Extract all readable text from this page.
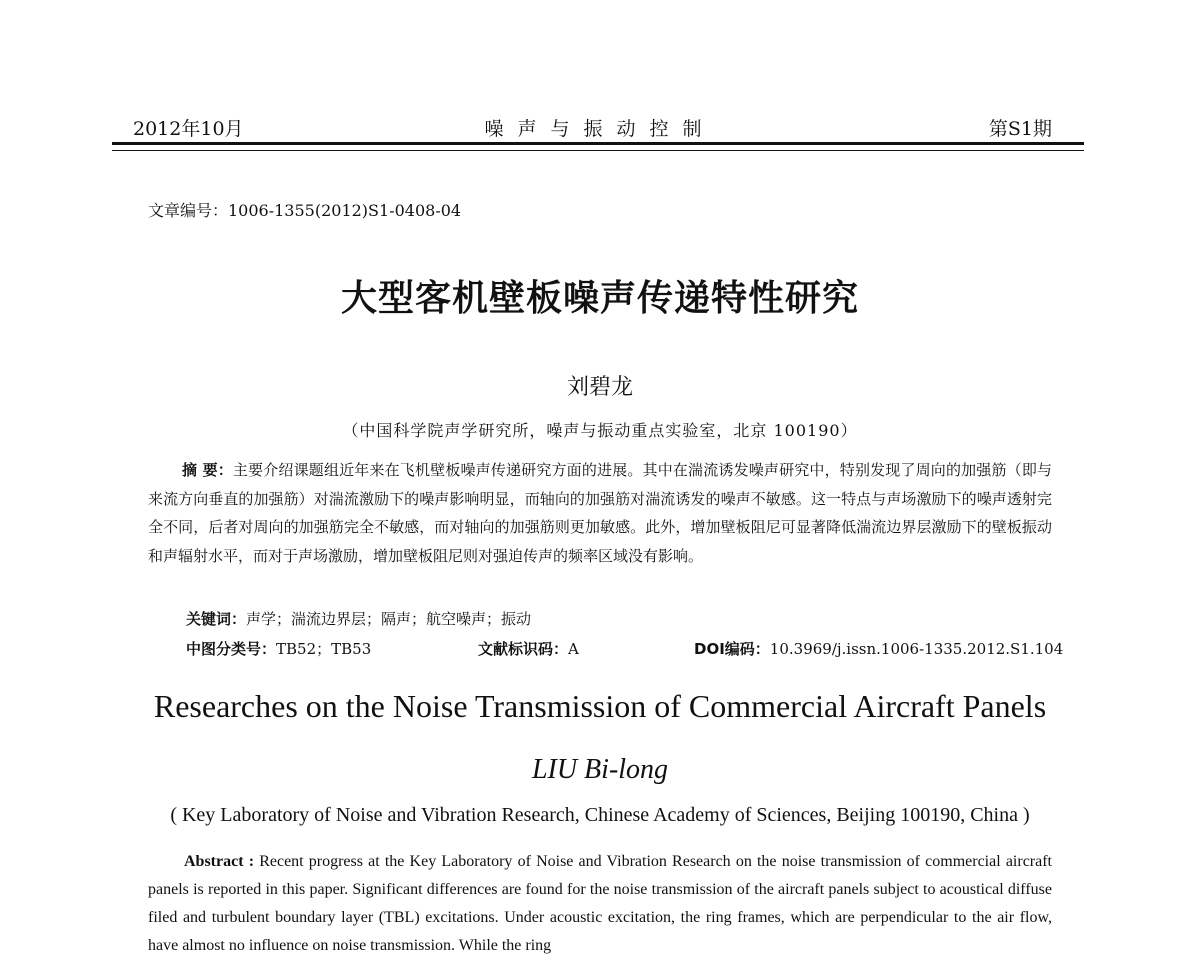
2012年10月	噪声与振动控制	第S1期
文章编号：1006-1355(2012)S1-0408-04
大型客机壁板噪声传递特性研究
刘碧龙
（中国科学院声学研究所，噪声与振动重点实验室，北京 100190）
摘 要：主要介绍课题组近年来在飞机壁板噪声传递研究方面的进展。其中在湍流诱发噪声研究中，特别发现了周向的加强筋（即与来流方向垂直的加强筋）对湍流激励下的噪声影响明显，而轴向的加强筋对湍流诱发的噪声不敏感。这一特点与声场激励下的噪声透射完全不同，后者对周向的加强筋完全不敏感，而对轴向的加强筋则更加敏感。此外，增加壁板阻尼可显著降低湍流边界层激励下的壁板振动和声辐射水平，而对于声场激励，增加壁板阻尼则对强迫传声的频率区域没有影响。
关键词：声学；湍流边界层；隔声；航空噪声；振动
中图分类号：TB52；TB53	文献标识码：A	DOI编码：10.3969/j.issn.1006-1335.2012.S1.104
Researches on the Noise Transmission of Commercial Aircraft Panels
LIU Bi-long
( Key Laboratory of Noise and Vibration Research, Chinese Academy of Sciences, Beijing 100190, China )
Abstract : Recent progress at the Key Laboratory of Noise and Vibration Research on the noise transmission of commercial aircraft panels is reported in this paper. Significant differences are found for the noise transmission of the aircraft panels subject to acoustical diffuse filed and turbulent boundary layer (TBL) excitations. Under acoustic excitation, the ring frames, which are perpendicular to the air flow, have almost no influence on noise transmission. While the ring
